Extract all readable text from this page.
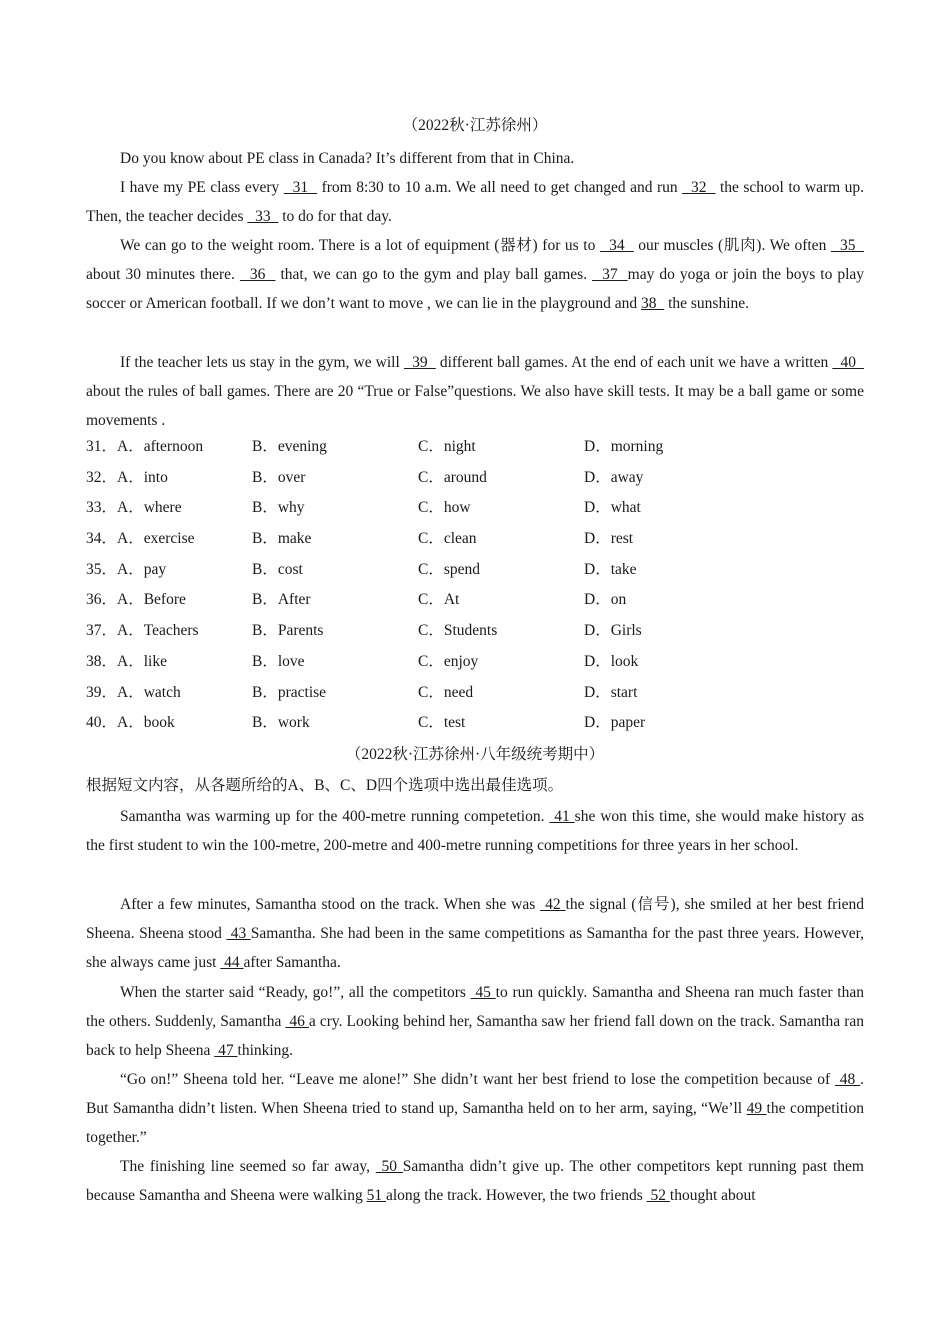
（2022秋·江苏徐州）

Do you know about PE class in Canada? It’s different from that in China.

I have my PE class every   31   from 8:30 to 10 a.m. We all need to get changed and run   32   the school to warm up. Then, the teacher decides   33   to do for that day.

We can go to the weight room. There is a lot of equipment (器材) for us to   34   our muscles (肌肉). We often   35   about 30 minutes there.   36   that, we can go to the gym and play ball games.   37  may do yoga or join the boys to play soccer or American football. If we don’t want to move , we can lie in the playground and 38   the sunshine.

If the teacher lets us stay in the gym, we will   39   different ball games. At the end of each unit we have a written   40   about the rules of ball games. There are 20 “True or False”questions. We also have skill tests. It may be a ball game or some movements .

31．A．afternoon	B．evening	C．night	D．morning
32．A．into	B．over	C．around	D．away
33．A．where	B．why	C．how	D．what
34．A．exercise	B．make	C．clean	D．rest
35．A．pay	B．cost	C．spend	D．take
36．A．Before	B．After	C．At	D．on
37．A．Teachers	B．Parents	C．Students	D．Girls
38．A．like	B．love	C．enjoy	D．look
39．A．watch	B．practise	C．need	D．start
40．A．book	B．work	C．test	D．paper
（2022秋·江苏徐州·八年级统考期中）
根据短文内容，从各题所给的A、B、C、D四个选项中选出最佳选项。

Samantha was warming up for the 400-metre running competetion.  41 she won this time, she would make history as the first student to win the 100-metre, 200-metre and 400-metre running competitions for three years in her school.

After a few minutes, Samantha stood on the track. When she was  42 the signal (信号), she smiled at her best friend Sheena. Sheena stood  43 Samantha. She had been in the same competitions as Samantha for the past three years. However, she always came just  44 after Samantha.

When the starter said “Ready, go!”, all the competitors  45 to run quickly. Samantha and Sheena ran much faster than the others. Suddenly, Samantha  46 a cry. Looking behind her, Samantha saw her friend fall down on the track. Samantha ran back to help Sheena  47 thinking.

“Go on!” Sheena told her. “Leave me alone!” She didn’t want her best friend to lose the competition because of  48 . But Samantha didn’t listen. When Sheena tried to stand up, Samantha held on to her arm, saying, “We’ll 49 the competition together.”

The finishing line seemed so far away,  50 Samantha didn’t give up. The other competitors kept running past them because Samantha and Sheena were walking 51 along the track. However, the two friends  52 thought about
